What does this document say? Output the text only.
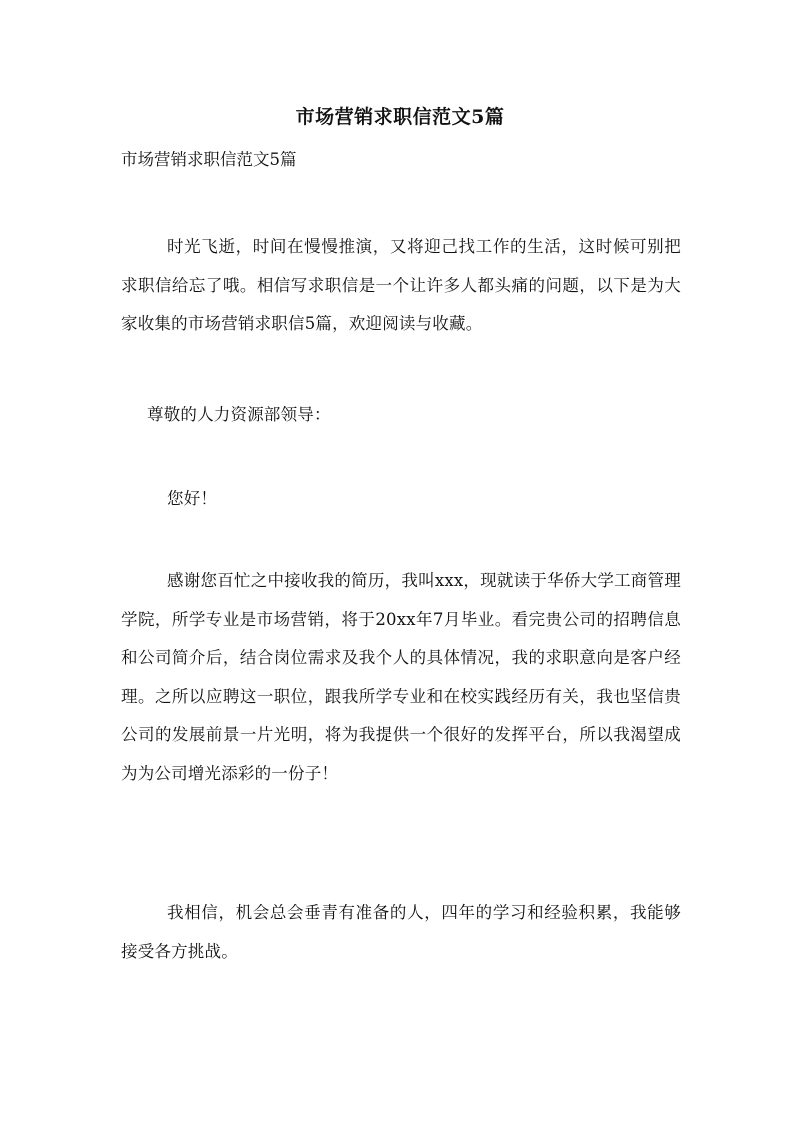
市场营销求职信范文5篇
市场营销求职信范文5篇

时光飞逝，时间在慢慢推演，又将迎己找工作的生活，这时候可别把求职信给忘了哦。相信写求职信是一个让许多人都头痛的问题，以下是为大家收集的市场营销求职信5篇，欢迎阅读与收藏。

尊敬的人力资源部领导：

您好！

感谢您百忙之中接收我的简历，我叫xxx，现就读于华侨大学工商管理学院，所学专业是市场营销，将于20xx年7月毕业。看完贵公司的招聘信息和公司简介后，结合岗位需求及我个人的具体情况，我的求职意向是客户经理。之所以应聘这一职位，跟我所学专业和在校实践经历有关，我也坚信贵公司的发展前景一片光明，将为我提供一个很好的发挥平台，所以我渴望成为为公司增光添彩的一份子！

我相信，机会总会垂青有准备的人，四年的学习和经验积累，我能够接受各方挑战。
